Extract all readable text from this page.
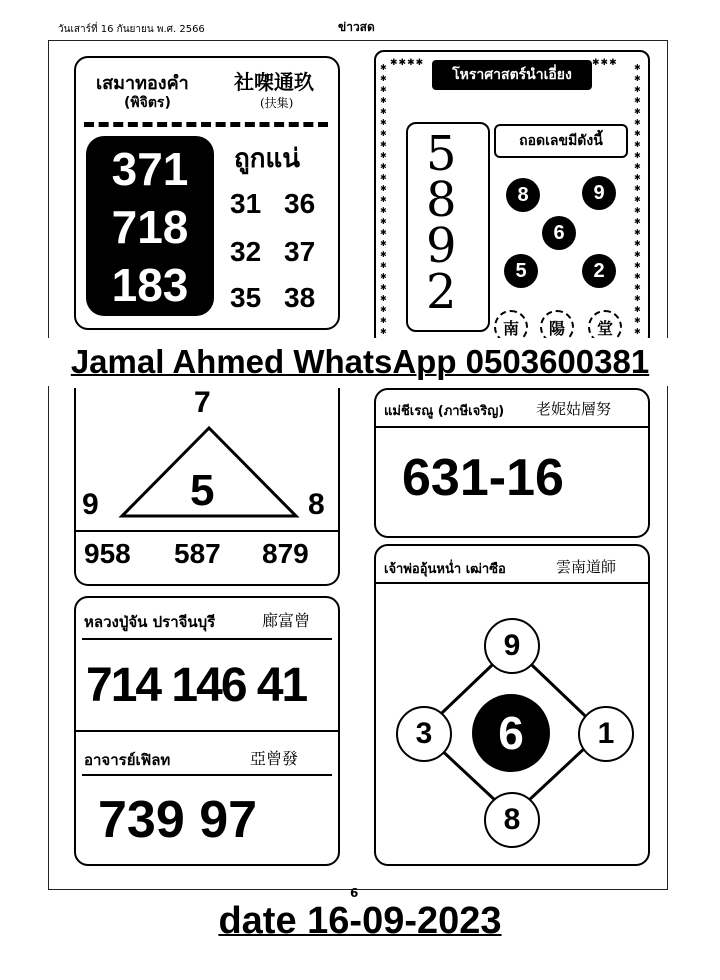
วันเสาร์ที่ 16 กันยายน พ.ศ. 2566	ข่าวสด
เสมาทองคำ
(พิจิตร)
社㗎通玖
(扶集)
371
718
183
ถูกแน่
31 36
32 37
35 38
✱✱✱✱✱✱✱✱✱✱✱✱✱✱✱✱✱✱✱✱✱✱✱✱✱
✱✱✱✱✱✱✱✱✱✱✱✱✱✱✱✱✱✱✱✱✱✱✱✱✱
✱✱✱✱	✱✱✱
โหราศาสตร์นำเอี่ยง
5
8
9
2
ถอดเลขมีดังนี้
8	9
6
5	2
南	陽	堂
Jamal Ahmed WhatsApp 0503600381
7
5
9	8
958 587 879
แม่ชีเรณู (ภาษีเจริญ) 老妮姑層努
631-16
หลวงปู่จัน ปราจีนบุรี	廊富曾
714 146 41
อาจารย์เฟิลท	亞曾發
739 97
เจ้าพ่ออุ้นหน่ำ เฒ่าซือ	雲南道師
9
6
3	1
8
6
date 16-09-2023
